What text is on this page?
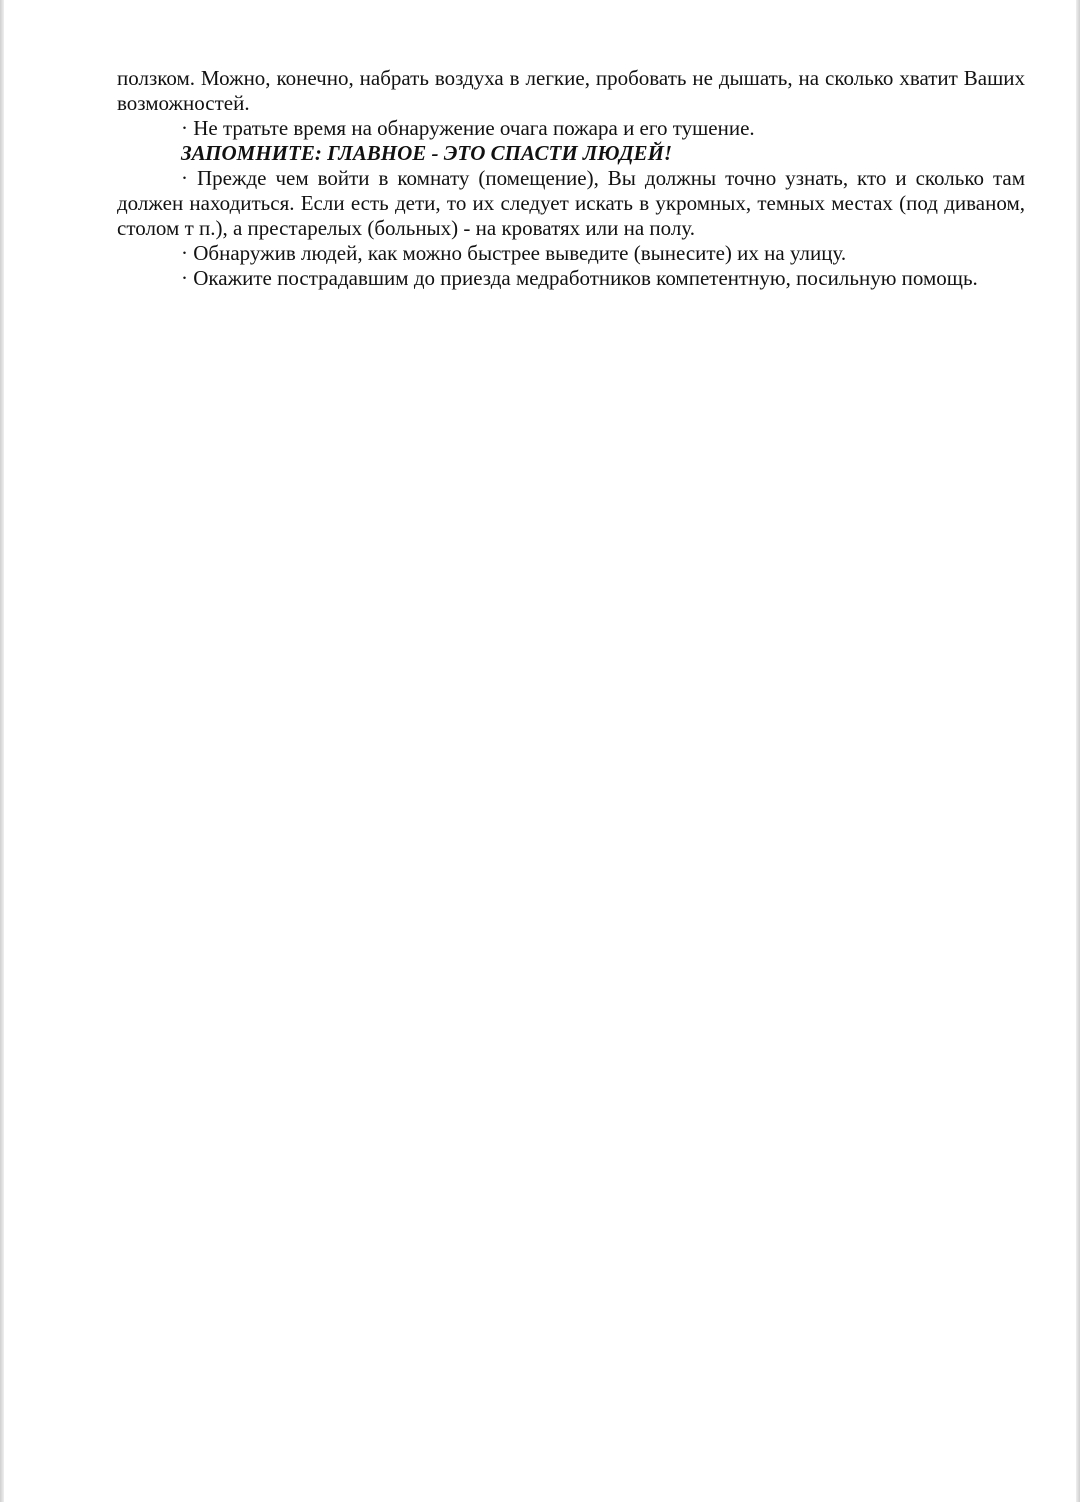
ползком. Можно, конечно, набрать воздуха в легкие, пробовать не дышать, на сколько хватит Ваших возможностей.

· Не тратьте время на обнаружение очага пожара и его тушение.

ЗАПОМНИТЕ: ГЛАВНОЕ - ЭТО СПАСТИ ЛЮДЕЙ!

· Прежде чем войти в комнату (помещение), Вы должны точно узнать, кто и сколько там должен находиться. Если есть дети, то их следует искать в укромных, темных местах (под диваном, столом т п.), а престарелых (больных) - на кроватях или на полу.

· Обнаружив людей, как можно быстрее выведите (вынесите) их на улицу.

· Окажите пострадавшим до приезда медработников компетентную, посильную помощь.
